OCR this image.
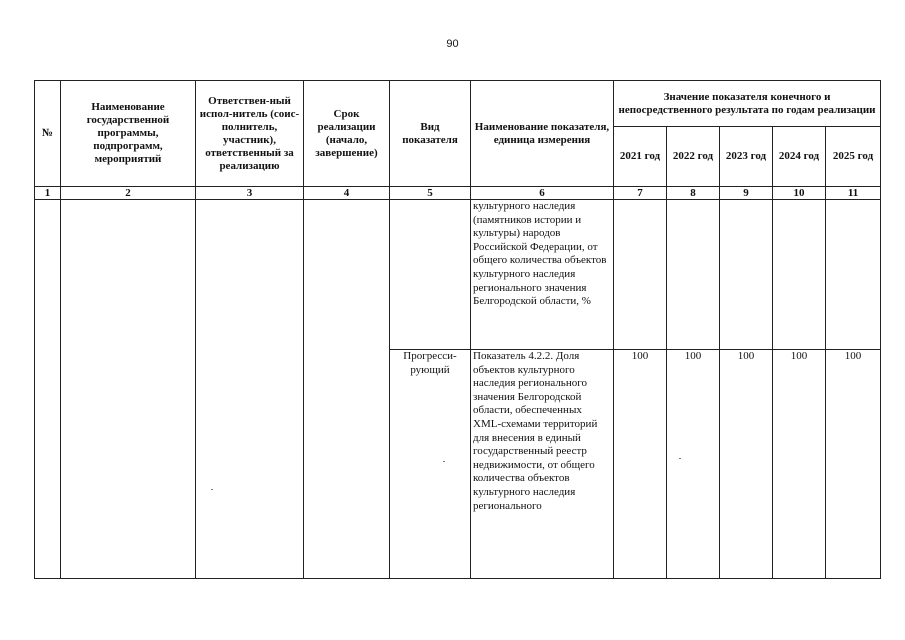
90
№	Наименование государственной программы, подпрограмм, мероприятий	Ответствен-ный испол-нитель (соис-полнитель, участник), ответственный за реализацию	Срок реализации (начало, завершение)	Вид показателя	Наименование показателя, единица измерения	Значение показателя конечного и непосредственного результата по годам реализации				
						2021 год	2022 год	2023 год	2024 год	2025 год
1	2	3	4	5	6	7	8	9	10	11
					культурного наследия (памятников истории и культуры) народов Российской Федерации, от общего количества объектов культурного наследия регионального значения Белгородской области, %					
				Прогресси-рующий	Показатель 4.2.2. Доля объектов культурного наследия регионального значения Белгородской области, обеспеченных XML-схемами территорий для внесения в единый государственный реестр недвижимости, от общего количества объектов культурного наследия регионального	100	100	100	100	100
